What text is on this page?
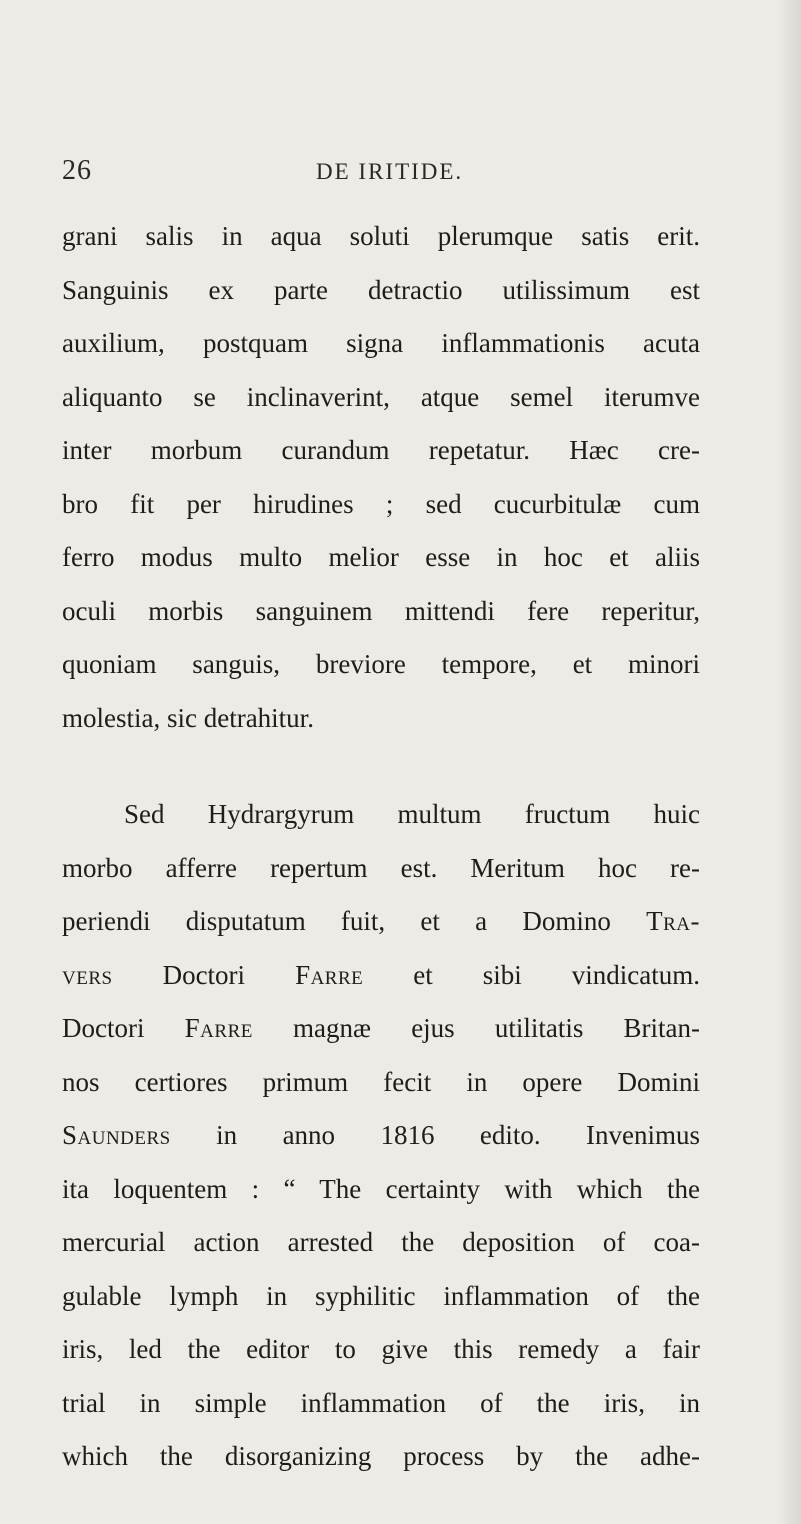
26	DE IRITIDE.
grani salis in aqua soluti plerumque satis erit.
Sanguinis ex parte detractio utilissimum est
auxilium, postquam signa inflammationis acuta
aliquanto se inclinaverint, atque semel iterumve
inter morbum curandum repetatur. Hæc cre-
bro fit per hirudines ; sed cucurbitulæ cum
ferro modus multo melior esse in hoc et aliis
oculi morbis sanguinem mittendi fere reperitur,
quoniam sanguis, breviore tempore, et minori
molestia, sic detrahitur.
Sed Hydrargyrum multum fructum huic
morbo afferre repertum est. Meritum hoc re-
periendi disputatum fuit, et a Domino Tra-
vers Doctori Farre et sibi vindicatum.
Doctori Farre magnæ ejus utilitatis Britan-
nos certiores primum fecit in opere Domini
Saunders in anno 1816 edito. Invenimus
ita loquentem : “ The certainty with which the
mercurial action arrested the deposition of coa-
gulable lymph in syphilitic inflammation of the
iris, led the editor to give this remedy a fair
trial in simple inflammation of the iris, in
which the disorganizing process by the adhe-
